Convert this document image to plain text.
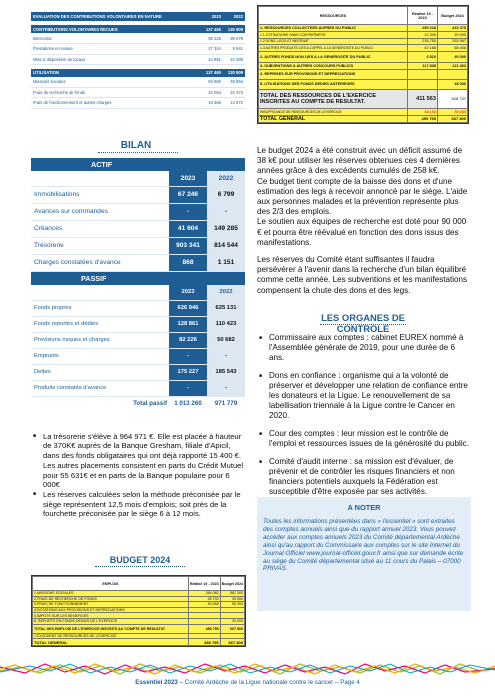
EVALUATION DES CONTRIBUTIONS VOLONTAIRES EN NATURE	2023	2022

CONTRIBUTIONS VOLONTAIRES RECUES	137 460	130 909
Bénévolat	95 225	95 579
Prestations en nature	17 344	9 941
Mise à disposition de locaux	24 891	24 389

UTILISATION	137 460	130 909
Missions sociales	94 960	93 864
Frais de recherche de fonds	23 054	22 473
Frais de fonctionnement et autres charges	19 386	14 572
BILAN
ACTIF
	2023	2022
Immobilisations	67 246	6 799
Avances sur commandes	-	-
Créances	41 604	149 285
Trésorerie	903 341	814 544
Charges constatées d'avance	868	1 151

PASSIF
	2023	2022
Fonds propres	626 946	625 131
Fonds reportés et dédiés	128 861	110 423
Provisions risques et charges	82 226	50 682
Emprunts	-	-
Dettes	175 227	185 543
Produits constatés d'avance	-	-
Total passif	1 013 260	971 779
■ La trésorerie s'élève à 964 971 €. Elle est placée à hauteur de 370K€ auprès de la Banque Gresham, filiale d'Apicil, dans des fonds obligataires qui ont déjà rapporté 15 400 €.
Les autres placements consistent en parts du Crédit Mutuel pour 55 631€ et en parts de la Banque populaire pour 6 000€
■ Les réserves calculées selon la méthode préconisée par le siège représentent 12,5 mois d'emplois; soit près de la fourchette préconisée par le siège 6 à 12 mois.
BUDGET 2024
EMPLOIS	Réalisé 19 - 2023	Budget 2024
1.MISSIONS SOCIALES	284 082	587 300
2.FRAIS DE RECHERCHE DE FONDS	45 733	39 000
3.FRAIS DE FONCTIONNEMENT	59 948	59 300
4.DOTATIONS AUX PROVISIONS ET DEPRECIATIONS		
5.IMPOTS SUR LES BENEFICES		
6. REPORTS EN FONDS DEDIES DE L'EXERCICE		30 000
TOTAL DES EMPLOIS DE L'EXERCICE INSCRITS AU COMPTE DE RESULTAT	489 755	667 800
7.EXCEDENT DE RESSOURCES DE L'EXERCICE		
TOTAL GENERAL	489 755	667 800
RESSOURCES	Réalisé 19 - 2023	Budget 2024
1- RESSOURCES COLLECTEES AUPRES DU PUBLIC	290 218	422 375
1.1 COTISATIONS SANS CONTREPARTIE	12 300	20 000
1.2 DONS, LEGS ET MECENAT	235 750	333 967
1.3 AUTRES PRODUITS LIES A L'APPEL A LA GENEROSITE DU PUBLIC	42 168	68 408
2- AUTRES FONDS NON LIES A LA GENEROSITE DU PUBLIC	3 510	40 000
3- SUBVENTIONS & AUTRES CONCOURS PUBLICS	117 835	121 462
4- REPRISES SUR PROVISIONS ET DEPRECIATIONS		
5- UTILISATIONS DES FONDS DEDIES ANTERIEURS		45 000
TOTAL DES RESSOURCES DE L'EXERCICE INSCRITES AU COMPTE DE RESULTAT.	411 563	628 737
INSUFFISANCE DE RESSOURCES DE L'EXERCICE	48 192	39 063
TOTAL GENERAL	459 755	667 800

Le budget 2024 a été construit avec un déficit assumé de 38 k€ pour utiliser les réserves obtenues ces 4 dernières années grâce à des excédents cumulés de 258 k€.

Ce budget tient compte de la baisse des dons et d'une estimation des legs à recevoir annoncé par le siège. L'aide aux personnes malades et la prévention représente plus des 2/3 des emplois.

Le soutien aux équipes de recherche est doté pour 90 000 € et pourra être réévalué en fonction des dons issus des manifestations.

Les réserves du Comité étant suffisantes il faudra persévérer à l'avenir dans la recherche d'un bilan équilibré comme cette année. Les subventions et les manifestations compensent la chute des dons et des legs.

LES ORGANES DE CONTROLE
■ Commissaire aux comptes : cabinet EUREX nommé à l'Assemblée générale de 2019, pour une durée de 6 ans.
■ Dons en confiance : organisme qui a la volonté de préserver et développer une relation de confiance entre les donateurs et la Ligue. Le renouvellement de sa labellisation triennale à la Ligue contre le Cancer en 2020.
■ Cour des comptes : leur mission est le contrôle de l'emploi et ressources issues de la générosité du public.
■ Comité d'audit interne : sa mission est d'évaluer, de prévenir et de contrôler les risques financiers et non financiers potentiels auxquels la Fédération est susceptible d'être exposée par ses activités.
A NOTER
Toutes les informations présentées dans « l'essentiel » sont extraites des comptes annuels ainsi que du rapport annuel 2023. Vous pouvez accéder aux comptes annuels 2023 du Comité départemental Ardèche ainsi qu'au rapport du Commissaire aux comptes sur le site Internet du Journal Officiel www.journal-officiel.gouv.fr ainsi que sur demande écrite au siège du Comité départemental situé au 11 cours du Palais – 07000 PRIVAS.
Essentiel 2023 – Comité Ardèche de la Ligue nationale contre le cancer – Page 4
